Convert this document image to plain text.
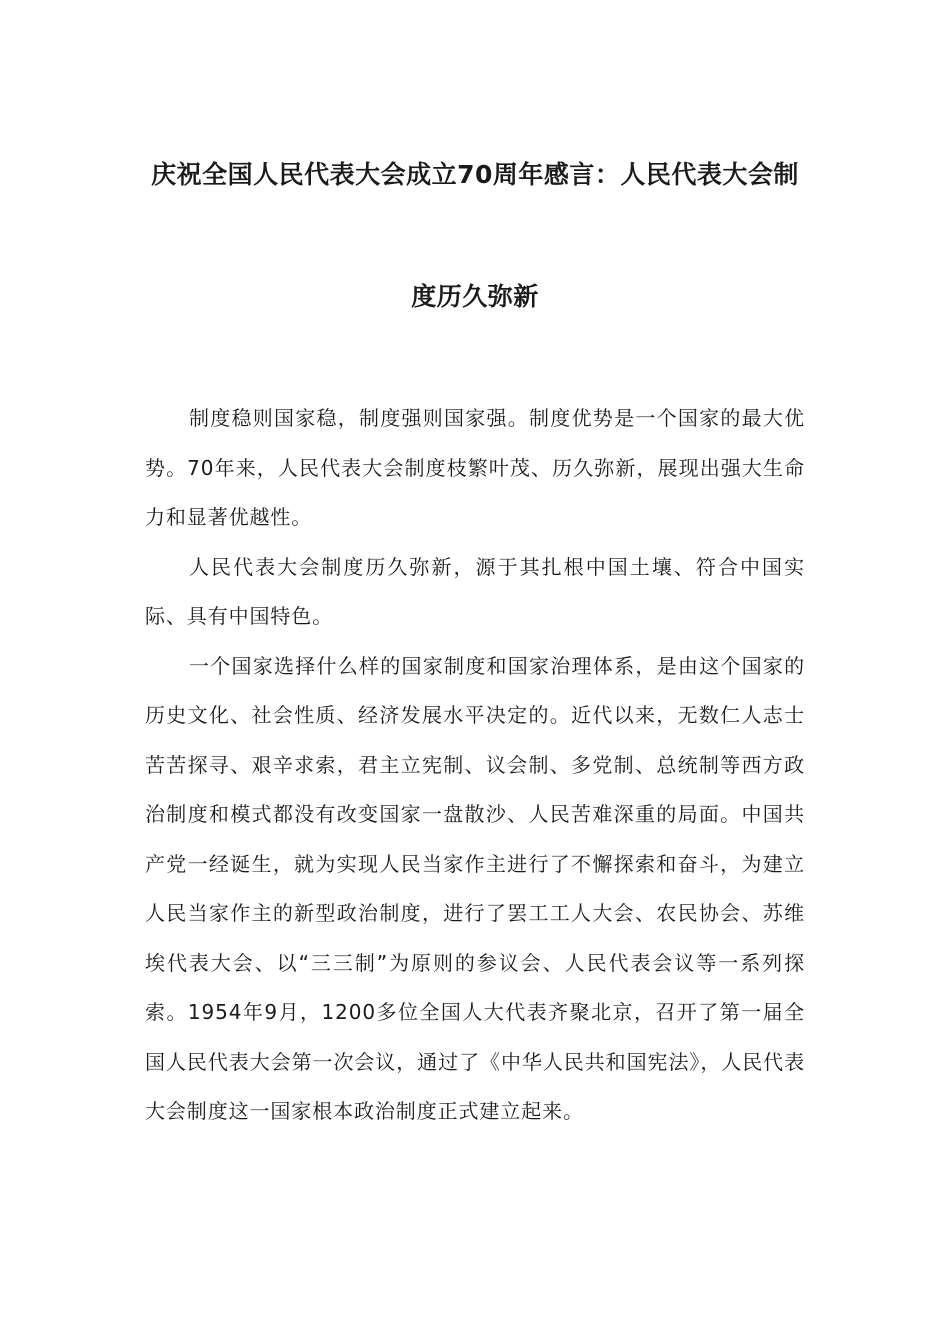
庆祝全国人民代表大会成立70周年感言：人民代表大会制
度历久弥新

制度稳则国家稳，制度强则国家强。制度优势是一个国家的最大优势。70年来，人民代表大会制度枝繁叶茂、历久弥新，展现出强大生命力和显著优越性。

人民代表大会制度历久弥新，源于其扎根中国土壤、符合中国实际、具有中国特色。

一个国家选择什么样的国家制度和国家治理体系，是由这个国家的历史文化、社会性质、经济发展水平决定的。近代以来，无数仁人志士苦苦探寻、艰辛求索，君主立宪制、议会制、多党制、总统制等西方政治制度和模式都没有改变国家一盘散沙、人民苦难深重的局面。中国共产党一经诞生，就为实现人民当家作主进行了不懈探索和奋斗，为建立人民当家作主的新型政治制度，进行了罢工工人大会、农民协会、苏维埃代表大会、以“三三制”为原则的参议会、人民代表会议等一系列探索。1954年9月，1200多位全国人大代表齐聚北京，召开了第一届全国人民代表大会第一次会议，通过了《中华人民共和国宪法》，人民代表大会制度这一国家根本政治制度正式建立起来。
